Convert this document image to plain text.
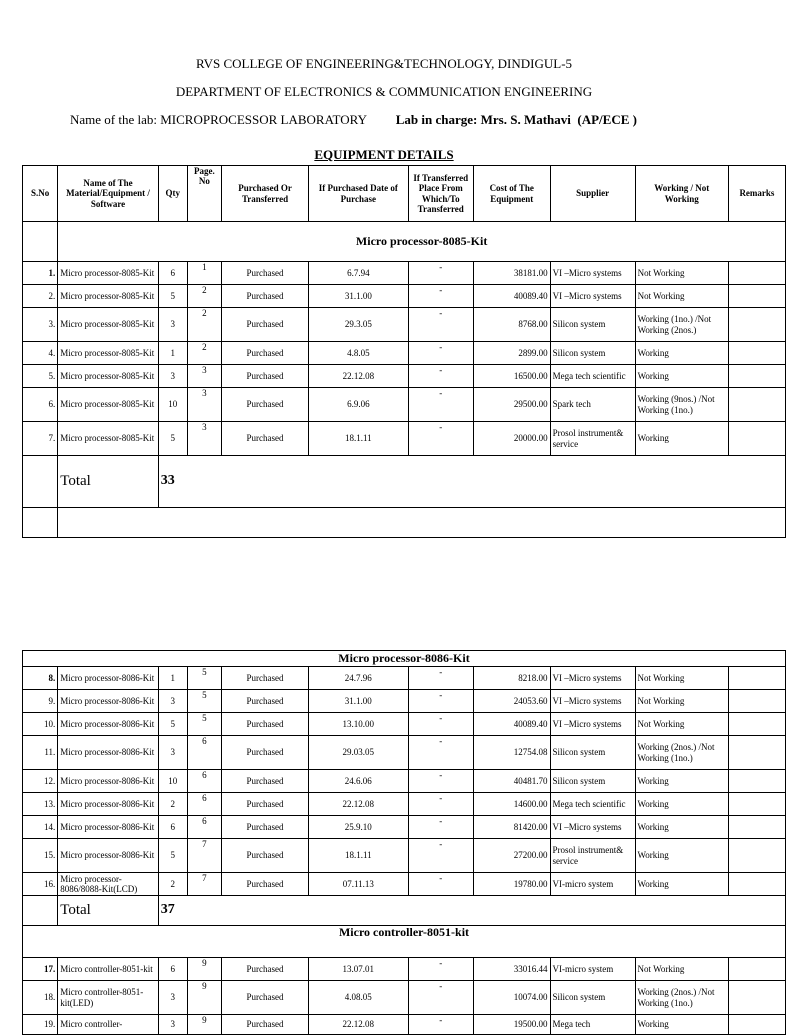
RVS COLLEGE OF ENGINEERING&TECHNOLOGY, DINDIGUL-5
DEPARTMENT OF ELECTRONICS & COMMUNICATION ENGINEERING
Name of the lab: MICROPROCESSOR LABORATORY Lab in charge: Mrs. S. Mathavi  (AP/ECE )
EQUIPMENT DETAILS
S.No	Name of The Material/Equipment / Software	Qty	Page. No	Purchased Or Transferred	If Purchased Date of Purchase	If Transferred Place From Which/To Transferred	Cost of The Equipment	Supplier	Working / Not Working	Remarks
	Micro processor-8085-Kit									
1.	Micro processor-8085-Kit	6	1	Purchased	6.7.94	-	38181.00	VI –Micro systems	Not Working	
2.	Micro processor-8085-Kit	5	2	Purchased	31.1.00	-	40089.40	VI –Micro systems	Not Working	
3.	Micro processor-8085-Kit	3	2	Purchased	29.3.05	-	8768.00	Silicon system	Working (1no.) /Not Working (2nos.)	
4.	Micro processor-8085-Kit	1	2	Purchased	4.8.05	-	2899.00	Silicon system	Working	
5.	Micro processor-8085-Kit	3	3	Purchased	22.12.08	-	16500.00	Mega tech scientific	Working	
6.	Micro processor-8085-Kit	10	3	Purchased	6.9.06	-	29500.00	Spark tech	Working (9nos.) /Not Working (1no.)	
7.	Micro processor-8085-Kit	5	3	Purchased	18.1.11	-	20000.00	Prosol instrument& service	Working	
	Total	33								

Micro processor-8086-Kit										
8.	Micro processor-8086-Kit	1	5	Purchased	24.7.96	-	8218.00	VI –Micro systems	Not Working	
9.	Micro processor-8086-Kit	3	5	Purchased	31.1.00	-	24053.60	VI –Micro systems	Not Working	
10.	Micro processor-8086-Kit	5	5	Purchased	13.10.00	-	40089.40	VI –Micro systems	Not Working	
11.	Micro processor-8086-Kit	3	6	Purchased	29.03.05	-	12754.08	Silicon system	Working (2nos.) /Not Working (1no.)	
12.	Micro processor-8086-Kit	10	6	Purchased	24.6.06	-	40481.70	Silicon system	Working	
13.	Micro processor-8086-Kit	2	6	Purchased	22.12.08	-	14600.00	Mega tech scientific	Working	
14.	Micro processor-8086-Kit	6	6	Purchased	25.9.10	-	81420.00	VI –Micro systems	Working	
15.	Micro processor-8086-Kit	5	7	Purchased	18.1.11	-	27200.00	Prosol instrument& service	Working	
16.	Micro processor-8086/8088-Kit(LCD)	2	7	Purchased	07.11.13	-	19780.00	VI-micro system	Working	
	Total	37								
Micro controller-8051-kit										
17.	Micro controller-8051-kit	6	9	Purchased	13.07.01	-	33016.44	VI-micro system	Not Working	
18.	Micro controller-8051-kit(LED)	3	9	Purchased	4.08.05	-	10074.00	Silicon system	Working (2nos.) /Not Working (1no.)	
19.	Micro controller-	3	9	Purchased	22.12.08	-	19500.00	Mega tech	Working	
